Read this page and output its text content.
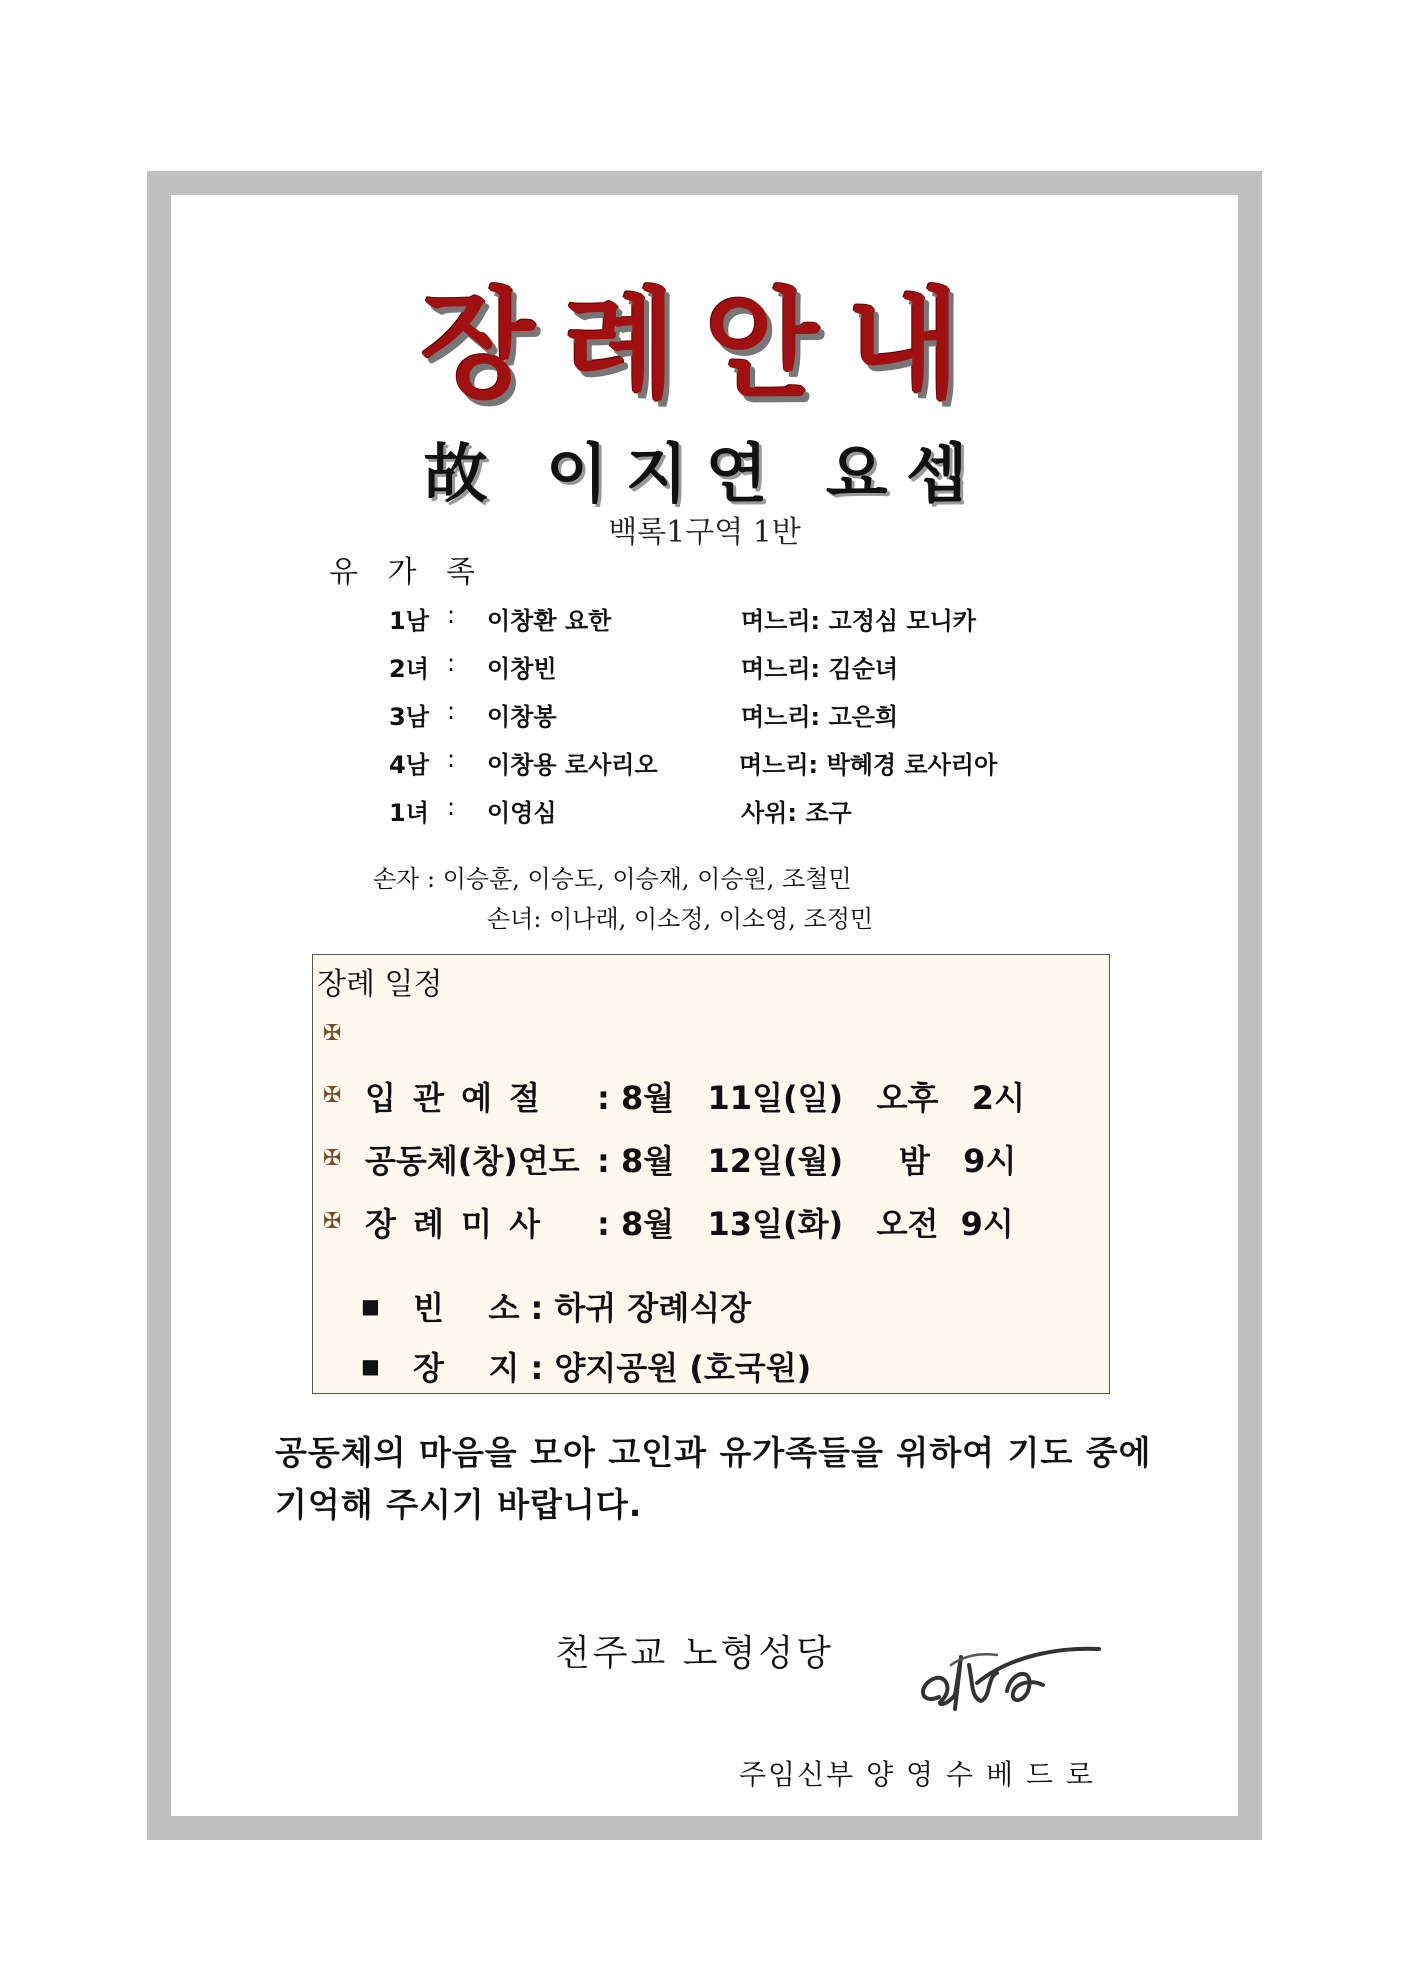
장례안내
故 이지연 요셉
백록1구역 1반
유 가 족
1남 :	이창환 요한	며느리: 고정심 모니카
2녀 :	이창빈	며느리: 김순녀
3남 :	이창봉	며느리: 고은희
4남 :	이창용 로사리오	며느리: 박혜경 로사리아
1녀 :	이영심	사위: 조구
손자 : 이승훈, 이승도, 이승재, 이승원, 조철민
손녀: 이나래, 이소정, 이소영, 조정민
장례 일정
✠
✠ 입 관 예 절 : 8월   11일(일)   오후   2시
✠ 공동체(창)연도 : 8월   12일(월)     밤   9시
✠ 장 례 미 사 : 8월   13일(화)   오전  9시
■ 빈    소 : 하귀 장례식장
■ 장    지 : 양지공원 (호국원)
공동체의 마음을 모아 고인과 유가족들을 위하여 기도 중에 기억해 주시기 바랍니다.
천주교 노형성당
주임신부 양 영 수 베 드 로
